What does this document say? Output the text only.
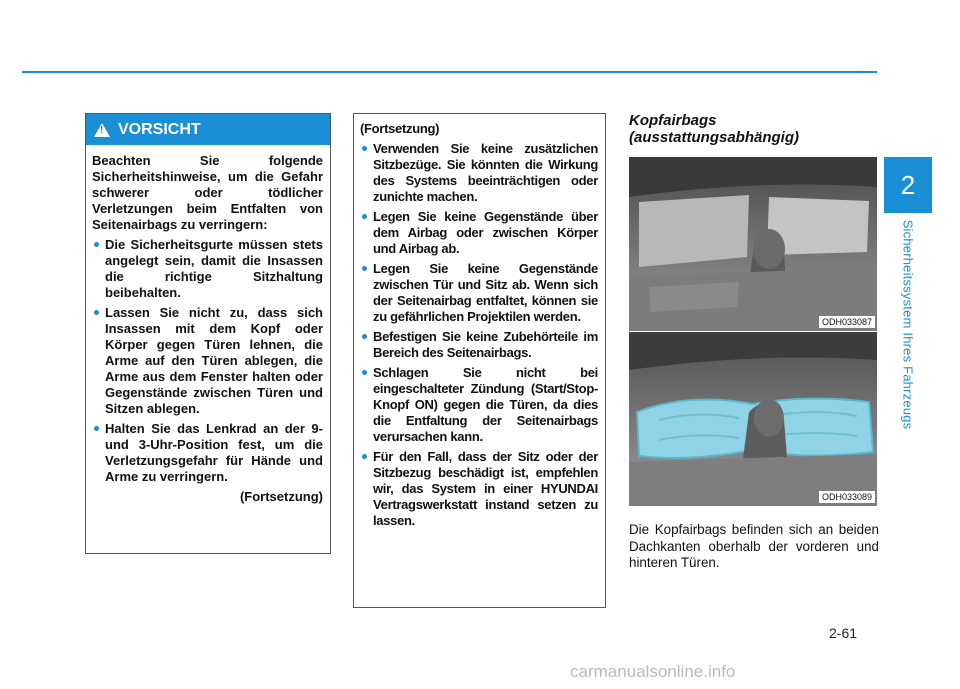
2
Sicherheitssystem Ihres Fahrzeugs
!
VORSICHT
Beachten Sie folgende Sicherheitshinweise, um die Gefahr schwerer oder tödlicher Verletzungen beim Entfalten von Seitenairbags zu verringern:
Die Sicherheitsgurte müssen stets angelegt sein, damit die Insassen die richtige Sitzhaltung beibehalten.
Lassen Sie nicht zu, dass sich Insassen mit dem Kopf oder Körper gegen Türen lehnen, die Arme auf den Türen ablegen, die Arme aus dem Fenster halten oder Gegenstände zwischen Türen und Sitzen ablegen.
Halten Sie das Lenkrad an der 9- und 3-Uhr-Position fest, um die Verletzungsgefahr für Hände und Arme zu verringern.
(Fortsetzung)
(Fortsetzung)
Verwenden Sie keine zusätzlichen Sitzbezüge. Sie könnten die Wirkung des Systems beeinträchtigen oder zunichte machen.
Legen Sie keine Gegenstände über dem Airbag oder zwischen Körper und Airbag ab.
Legen Sie keine Gegenstände zwischen Tür und Sitz ab. Wenn sich der Seitenairbag entfaltet, können sie zu gefährlichen Projektilen werden.
Befestigen Sie keine Zubehörteile im Bereich des Seitenairbags.
Schlagen Sie nicht bei eingeschalteter Zündung (Start/Stop-Knopf ON) gegen die Türen, da dies die Entfaltung der Seitenairbags verursachen kann.
Für den Fall, dass der Sitz oder der Sitzbezug beschädigt ist, empfehlen wir, das System in einer HYUNDAI Vertragswerkstatt instand setzen zu lassen.
Kopfairbags
(ausstattungsabhängig)
ODH033087
ODH033089
Die Kopfairbags befinden sich an beiden Dachkanten oberhalb der vorderen und hinteren Türen.
2-61
carmanualsonline.info
